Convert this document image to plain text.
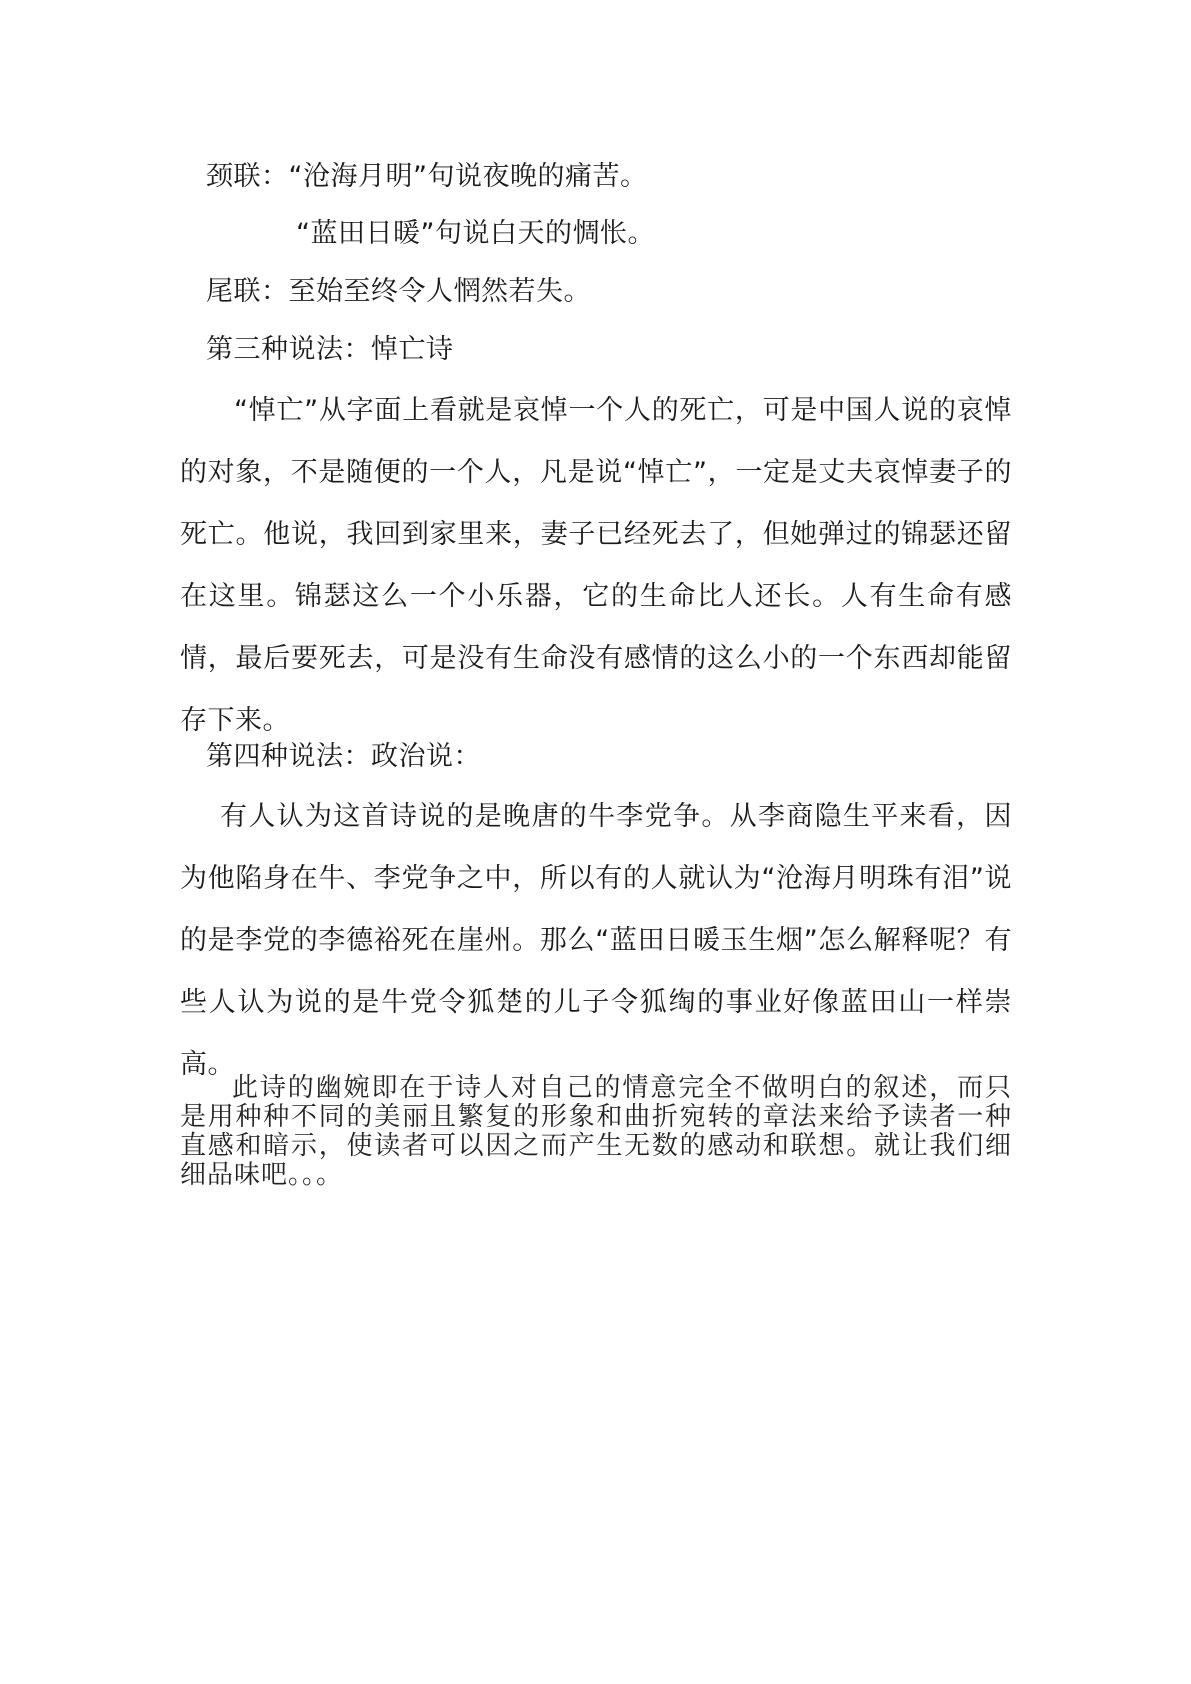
颈联：“沧海月明”句说夜晚的痛苦。
“蓝田日暖”句说白天的惆怅。
尾联：至始至终令人惘然若失。
第三种说法：悼亡诗
“悼亡”从字面上看就是哀悼一个人的死亡，可是中国人说的哀悼的对象，不是随便的一个人，凡是说“悼亡”，一定是丈夫哀悼妻子的死亡。他说，我回到家里来，妻子已经死去了，但她弹过的锦瑟还留在这里。锦瑟这么一个小乐器，它的生命比人还长。人有生命有感情，最后要死去，可是没有生命没有感情的这么小的一个东西却能留存下来。
第四种说法：政治说：
有人认为这首诗说的是晚唐的牛李党争。从李商隐生平来看，因为他陷身在牛、李党争之中，所以有的人就认为“沧海月明珠有泪”说的是李党的李德裕死在崖州。那么“蓝田日暖玉生烟”怎么解释呢？有些人认为说的是牛党令狐楚的儿子令狐绹的事业好像蓝田山一样崇高。
此诗的幽婉即在于诗人对自己的情意完全不做明白的叙述，而只是用种种不同的美丽且繁复的形象和曲折宛转的章法来给予读者一种直感和暗示，使读者可以因之而产生无数的感动和联想。就让我们细细品味吧。。。
